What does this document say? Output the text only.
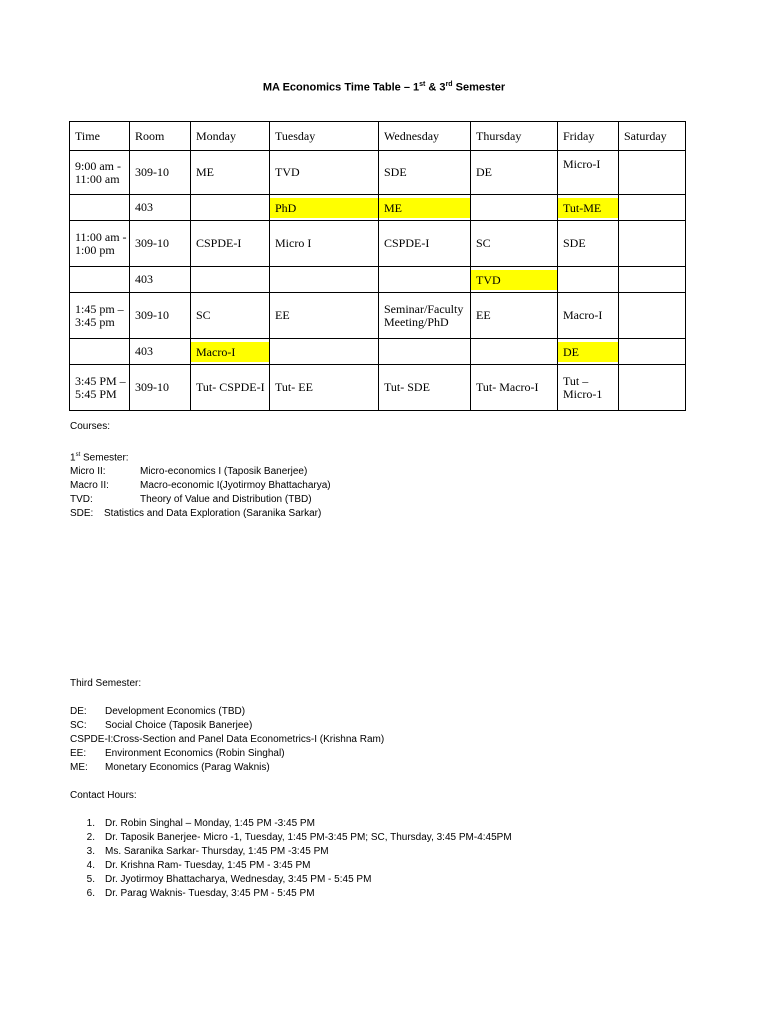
MA Economics Time Table – 1st & 3rd Semester
Time	Room	Monday	Tuesday	Wednesday	Thursday	Friday	Saturday
9:00 am - 11:00 am	309-10	ME	TVD	SDE	DE	Micro-I	
	403		PhD	ME		Tut-ME	

11:00 am - 1:00 pm	309-10	CSPDE-I	Micro I	CSPDE-I	SC	SDE	
	403				TVD		

1:45 pm – 3:45 pm	309-10	SC	EE	Seminar/Faculty Meeting/PhD	EE	Macro-I	
	403	Macro-I				DE	

3:45 PM – 5:45 PM	309-10	Tut- CSPDE-I	Tut- EE	Tut- SDE	Tut- Macro-I	Tut – Micro-1	
Courses:
1st Semester:
Micro II:	Micro-economics I (Taposik Banerjee)
Macro II:	Macro-economic I(Jyotirmoy Bhattacharya)
TVD:	Theory of Value and Distribution (TBD)
SDE: Statistics and Data Exploration (Saranika Sarkar)
Third Semester:
DE: Development Economics (TBD)
SC: Social Choice (Taposik Banerjee)
CSPDE-I:Cross-Section and Panel Data Econometrics-I (Krishna Ram)
EE: Environment Economics (Robin Singhal)
ME: Monetary Economics (Parag Waknis)
Contact Hours:
1. Dr. Robin Singhal – Monday, 1:45 PM -3:45 PM
2. Dr. Taposik Banerjee- Micro -1, Tuesday, 1:45 PM-3:45 PM; SC, Thursday, 3:45 PM-4:45PM
3. Ms. Saranika Sarkar- Thursday, 1:45 PM -3:45 PM
4. Dr. Krishna Ram- Tuesday, 1:45 PM - 3:45 PM
5. Dr. Jyotirmoy Bhattacharya, Wednesday, 3:45 PM - 5:45 PM
6. Dr. Parag Waknis- Tuesday, 3:45 PM - 5:45 PM
